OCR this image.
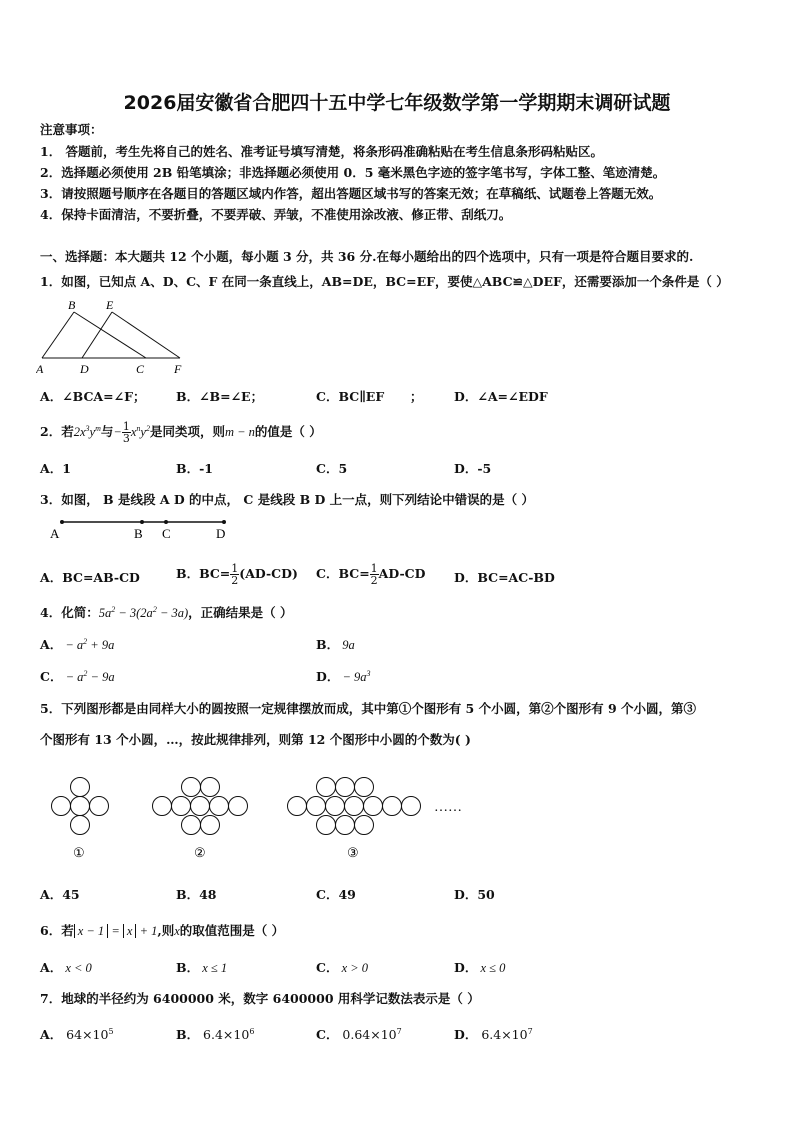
2026届安徽省合肥四十五中学七年级数学第一学期期末调研试题
注意事项：
1． 答题前，考生先将自己的姓名、准考证号填写清楚，将条形码准确粘贴在考生信息条形码粘贴区。
2．选择题必须使用 2B 铅笔填涂；非选择题必须使用 0．5 毫米黑色字迹的签字笔书写，字体工整、笔迹清楚。
3．请按照题号顺序在各题目的答题区域内作答，超出答题区域书写的答案无效；在草稿纸、试题卷上答题无效。
4．保持卡面清洁，不要折叠，不要弄破、弄皱，不准使用涂改液、修正带、刮纸刀。
一、选择题：本大题共 12 个小题，每小题 3 分，共 36 分.在每小题给出的四个选项中，只有一项是符合题目要求的.
1．如图，已知点 A、D、C、F 在同一条直线上，AB=DE，BC=EF，要使△ABC≌△DEF，还需要添加一个条件是（ ）
B	E
A	D	C F
A．∠BCA=∠F； B．∠B=∠E；	C．BC∥EF ；	D．∠A=∠EDF
2．若$2x^3y^m$与− $\frac{1}{3} x^ny^2$是同类项，则m − n的值是（ ）
A．1	B．-1	C．5	D．-5
3．如图， B 是线段 A D 的中点， C 是线段 B D 上一点，则下列结论中错误的是（ ）
A	B C	D
A．BC=AB-CD	B．$BC= \frac{1}{2} (AD-CD)$ C．$BC= \frac{1}{2} AD-CD$ D．BC=AC-BD
4．化简：$5a^2 - 3(2a^2 - 3a)$，正确结果是（ ）
A． − $a^2 + 9a$	B． 9a
C． − $a^2 - 9a$	D． − $9a^3$
5．下列图形都是由同样大小的圆按照一定规律摆放而成，其中第①个图形有 5 个小圆，第②个图形有 9 个小圆，第③
个图形有 13 个小圆，…，按此规律排列，则第 12 个图形中小圆的个数为( )
……
①	②	③
A．45	B．48	C．49	D．50
6．若 x − 1 = x + 1,则x的取值范围是（ ）
A． x < 0	B． x ≤ 1	C． x > 0	D． x ≤ 0
7．地球的半径约为 6400000 米，数字 6400000 用科学记数法表示是（ ）
A． $64\times 10^5$	B． $6.4\times 10^6$	C． $0.64\times 10^7$	D． $6.4\times 10^7$
